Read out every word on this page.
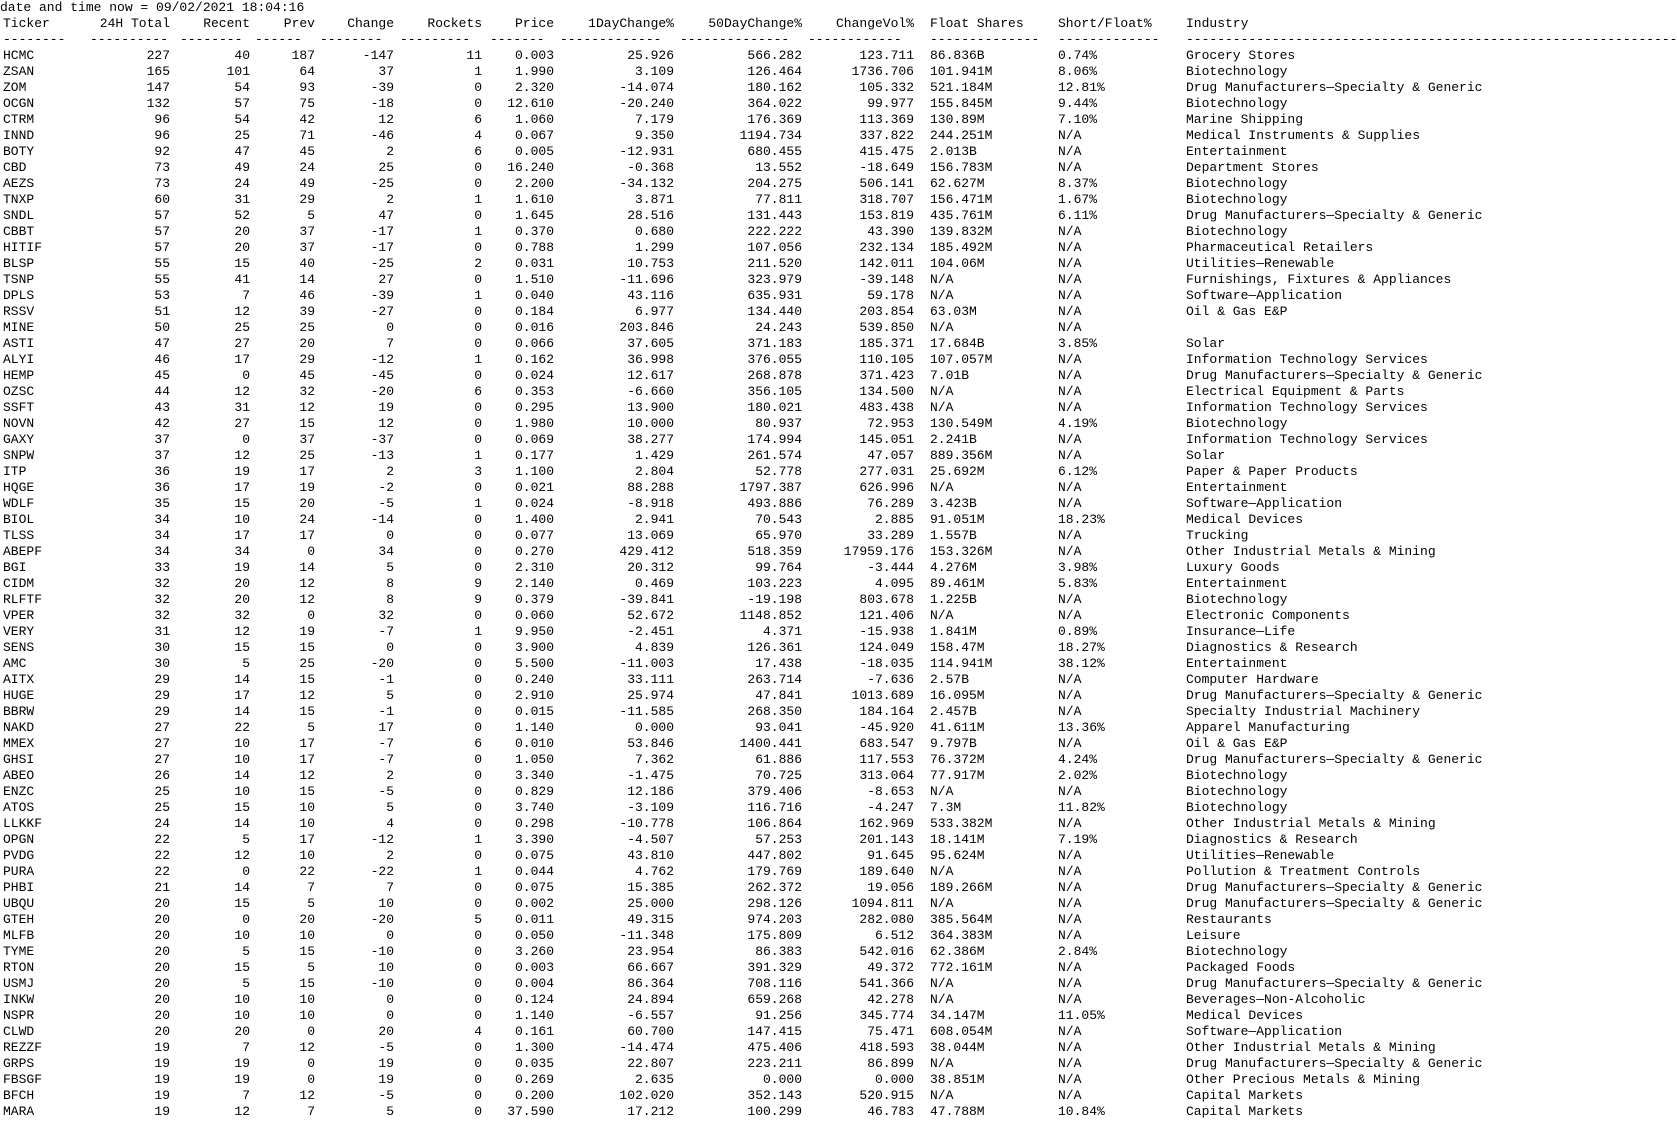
date and time now = 09/02/2021 18:04:16
Ticker	24H Total	Recent	Prev	Change	Rockets	Price	1DayChange%	50DayChange%	ChangeVol% Float Shares	Short/Float%	Industry
--------	---------- -------- ------	--------	---------	-------	-------------	--------------	------------	--------------	-------------	---------------------------------------------------------------
HCMC	227	40	187	-147	11	0.003	25.926	566.282	123.711 86.836B	0.74%	Grocery Stores
ZSAN	165	101	64	37	1	1.990	3.109	126.464	1736.706 101.941M	8.06%	Biotechnology
ZOM	147	54	93	-39	0	2.320	-14.074	180.162	105.332 521.184M	12.81%	Drug Manufacturers—Specialty & Generic
OCGN	132	57	75	-18	0	12.610	-20.240	364.022	99.977 155.845M	9.44%	Biotechnology
CTRM	96	54	42	12	6	1.060	7.179	176.369	113.369 130.89M	7.10%	Marine Shipping
INND	96	25	71	-46	4	0.067	9.350	1194.734	337.822 244.251M	N/A	Medical Instruments & Supplies
BOTY	92	47	45	2	6	0.005	-12.931	680.455	415.475 2.013B	N/A	Entertainment
CBD	73	49	24	25	0	16.240	-0.368	13.552	-18.649 156.783M	N/A	Department Stores
AEZS	73	24	49	-25	0	2.200	-34.132	204.275	506.141 62.627M	8.37%	Biotechnology
TNXP	60	31	29	2	1	1.610	3.871	77.811	318.707 156.471M	1.67%	Biotechnology
SNDL	57	52	5	47	0	1.645	28.516	131.443	153.819 435.761M	6.11%	Drug Manufacturers—Specialty & Generic
CBBT	57	20	37	-17	1	0.370	0.680	222.222	43.390 139.832M	N/A	Biotechnology
HITIF	57	20	37	-17	0	0.788	1.299	107.056	232.134 185.492M	N/A	Pharmaceutical Retailers
BLSP	55	15	40	-25	2	0.031	10.753	211.520	142.011 104.06M	N/A	Utilities—Renewable
TSNP	55	41	14	27	0	1.510	-11.696	323.979	-39.148 N/A	N/A	Furnishings, Fixtures & Appliances
DPLS	53	7	46	-39	1	0.040	43.116	635.931	59.178 N/A	N/A	Software—Application
RSSV	51	12	39	-27	0	0.184	6.977	134.440	203.854 63.03M	N/A	Oil & Gas E&P
MINE	50	25	25	0	0	0.016	203.846	24.243	539.850 N/A	N/A
ASTI	47	27	20	7	0	0.066	37.605	371.183	185.371 17.684B	3.85%	Solar
ALYI	46	17	29	-12	1	0.162	36.998	376.055	110.105 107.057M	N/A	Information Technology Services
HEMP	45	0	45	-45	0	0.024	12.617	268.878	371.423 7.01B	N/A	Drug Manufacturers—Specialty & Generic
OZSC	44	12	32	-20	6	0.353	-6.660	356.105	134.500 N/A	N/A	Electrical Equipment & Parts
SSFT	43	31	12	19	0	0.295	13.900	180.021	483.438 N/A	N/A	Information Technology Services
NOVN	42	27	15	12	0	1.980	10.000	80.937	72.953 130.549M	4.19%	Biotechnology
GAXY	37	0	37	-37	0	0.069	38.277	174.994	145.051 2.241B	N/A	Information Technology Services
SNPW	37	12	25	-13	1	0.177	1.429	261.574	47.057 889.356M	N/A	Solar
ITP	36	19	17	2	3	1.100	2.804	52.778	277.031 25.692M	6.12%	Paper & Paper Products
HQGE	36	17	19	-2	0	0.021	88.288	1797.387	626.996 N/A	N/A	Entertainment
WDLF	35	15	20	-5	1	0.024	-8.918	493.886	76.289 3.423B	N/A	Software—Application
BIOL	34	10	24	-14	0	1.400	2.941	70.543	2.885 91.051M	18.23%	Medical Devices
TLSS	34	17	17	0	0	0.077	13.069	65.970	33.289 1.557B	N/A	Trucking
ABEPF	34	34	0	34	0	0.270	429.412	518.359	17959.176 153.326M	N/A	Other Industrial Metals & Mining
BGI	33	19	14	5	0	2.310	20.312	99.764	-3.444 4.276M	3.98%	Luxury Goods
CIDM	32	20	12	8	9	2.140	0.469	103.223	4.095 89.461M	5.83%	Entertainment
RLFTF	32	20	12	8	9	0.379	-39.841	-19.198	803.678 1.225B	N/A	Biotechnology
VPER	32	32	0	32	0	0.060	52.672	1148.852	121.406 N/A	N/A	Electronic Components
VERY	31	12	19	-7	1	9.950	-2.451	4.371	-15.938 1.841M	0.89%	Insurance—Life
SENS	30	15	15	0	0	3.900	4.839	126.361	124.049 158.47M	18.27%	Diagnostics & Research
AMC	30	5	25	-20	0	5.500	-11.003	17.438	-18.035 114.941M	38.12%	Entertainment
AITX	29	14	15	-1	0	0.240	33.111	263.714	-7.636 2.57B	N/A	Computer Hardware
HUGE	29	17	12	5	0	2.910	25.974	47.841	1013.689 16.095M	N/A	Drug Manufacturers—Specialty & Generic
BBRW	29	14	15	-1	0	0.015	-11.585	268.350	184.164 2.457B	N/A	Specialty Industrial Machinery
NAKD	27	22	5	17	0	1.140	0.000	93.041	-45.920 41.611M	13.36%	Apparel Manufacturing
MMEX	27	10	17	-7	6	0.010	53.846	1400.441	683.547 9.797B	N/A	Oil & Gas E&P
GHSI	27	10	17	-7	0	1.050	7.362	61.886	117.553 76.372M	4.24%	Drug Manufacturers—Specialty & Generic
ABEO	26	14	12	2	0	3.340	-1.475	70.725	313.064 77.917M	2.02%	Biotechnology
ENZC	25	10	15	-5	0	0.829	12.186	379.406	-8.653 N/A	N/A	Biotechnology
ATOS	25	15	10	5	0	3.740	-3.109	116.716	-4.247 7.3M	11.82%	Biotechnology
LLKKF	24	14	10	4	0	0.298	-10.778	106.864	162.969 533.382M	N/A	Other Industrial Metals & Mining
OPGN	22	5	17	-12	1	3.390	-4.507	57.253	201.143 18.141M	7.19%	Diagnostics & Research
PVDG	22	12	10	2	0	0.075	43.810	447.802	91.645 95.624M	N/A	Utilities—Renewable
PURA	22	0	22	-22	1	0.044	4.762	179.769	189.640 N/A	N/A	Pollution & Treatment Controls
PHBI	21	14	7	7	0	0.075	15.385	262.372	19.056 189.266M	N/A	Drug Manufacturers—Specialty & Generic
UBQU	20	15	5	10	0	0.002	25.000	298.126	1094.811 N/A	N/A	Drug Manufacturers—Specialty & Generic
GTEH	20	0	20	-20	5	0.011	49.315	974.203	282.080 385.564M	N/A	Restaurants
MLFB	20	10	10	0	0	0.050	-11.348	175.809	6.512 364.383M	N/A	Leisure
TYME	20	5	15	-10	0	3.260	23.954	86.383	542.016 62.386M	2.84%	Biotechnology
RTON	20	15	5	10	0	0.003	66.667	391.329	49.372 772.161M	N/A	Packaged Foods
USMJ	20	5	15	-10	0	0.004	86.364	708.116	541.366 N/A	N/A	Drug Manufacturers—Specialty & Generic
INKW	20	10	10	0	0	0.124	24.894	659.268	42.278 N/A	N/A	Beverages—Non-Alcoholic
NSPR	20	10	10	0	0	1.140	-6.557	91.256	345.774 34.147M	11.05%	Medical Devices
CLWD	20	20	0	20	4	0.161	60.700	147.415	75.471 608.054M	N/A	Software—Application
REZZF	19	7	12	-5	0	1.300	-14.474	475.406	418.593 38.044M	N/A	Other Industrial Metals & Mining
GRPS	19	19	0	19	0	0.035	22.807	223.211	86.899 N/A	N/A	Drug Manufacturers—Specialty & Generic
FBSGF	19	19	0	19	0	0.269	2.635	0.000	0.000 38.851M	N/A	Other Precious Metals & Mining
BFCH	19	7	12	-5	0	0.200	102.020	352.143	520.915 N/A	N/A	Capital Markets
MARA	19	12	7	5	0	37.590	17.212	100.299	46.783 47.788M	10.84%	Capital Markets
